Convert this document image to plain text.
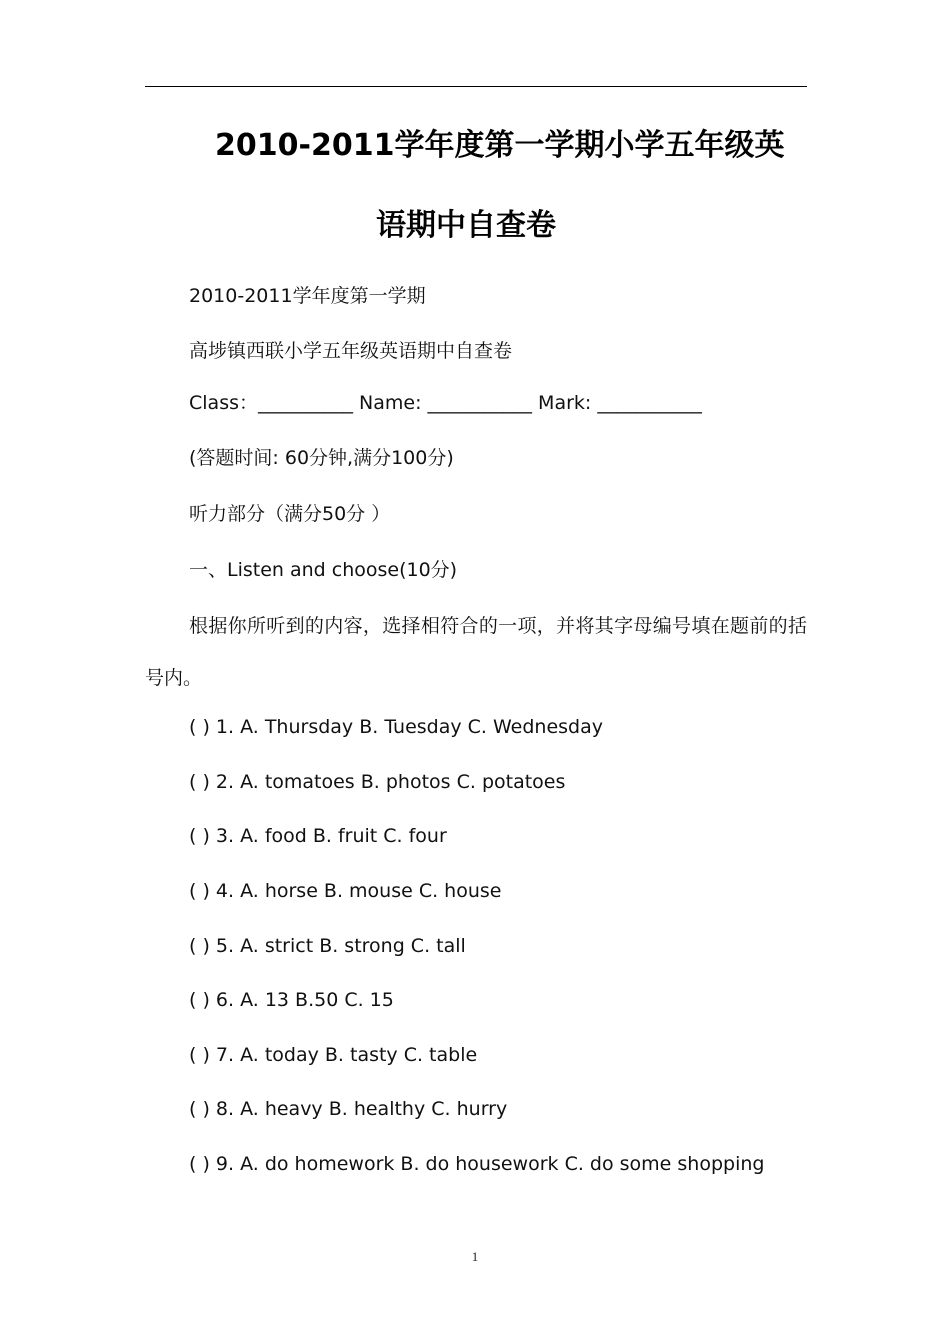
2010-2011学年度第一学期小学五年级英
语期中自查卷
2010-2011学年度第一学期
高埗镇西联小学五年级英语期中自查卷
Class：__________ Name: ___________ Mark: ___________
(答题时间: 60分钟,满分100分)
听力部分（满分50分 ）
一、Listen and choose(10分)
根据你所听到的内容，选择相符合的一项，并将其字母编号填在题前的括号内。
( ) 1. A. Thursday B. Tuesday C. Wednesday
( ) 2. A. tomatoes B. photos C. potatoes
( ) 3. A. food B. fruit C. four
( ) 4. A. horse B. mouse C. house
( ) 5. A. strict B. strong C. tall
( ) 6. A. 13 B.50 C. 15
( ) 7. A. today B. tasty C. table
( ) 8. A. heavy B. healthy C. hurry
( ) 9. A. do homework B. do housework C. do some shopping
1
